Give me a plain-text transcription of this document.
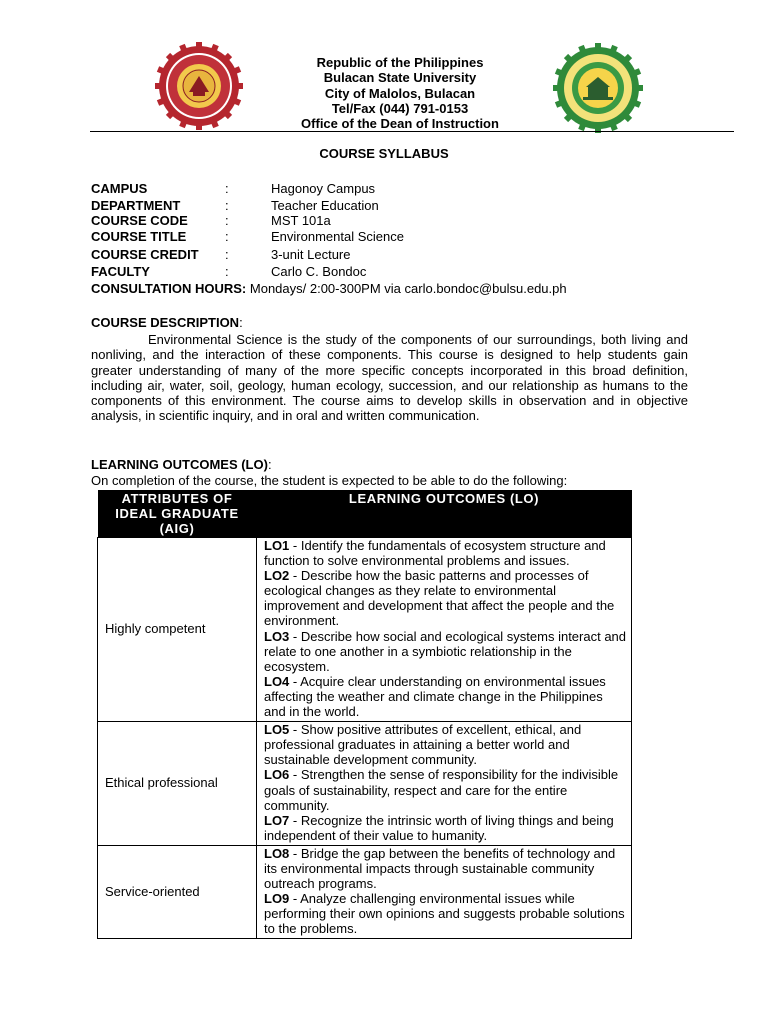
Republic of the Philippines
Bulacan State University
City of Malolos, Bulacan
Tel/Fax (044) 791-0153
Office of the Dean of Instruction
COURSE SYLLABUS
CAMPUS	:	Hagonoy Campus
DEPARTMENT	:	Teacher Education
COURSE CODE	:	MST 101a
COURSE TITLE	:	Environmental Science
COURSE CREDIT :	3-unit Lecture
FACULTY	:	Carlo C. Bondoc
CONSULTATION HOURS: Mondays/ 2:00-300PM via carlo.bondoc@bulsu.edu.ph
COURSE DESCRIPTION:
Environmental Science is the study of the components of our surroundings, both living and nonliving, and the interaction of these components. This course is designed to help students gain greater understanding of many of the more specific concepts incorporated in this broad definition, including air, water, soil, geology, human ecology, succession, and our relationship as humans to the components of this environment. The course aims to develop skills in observation and in objective analysis, in scientific inquiry, and in oral and written communication.
LEARNING OUTCOMES (LO):
On completion of the course, the student is expected to be able to do the following:
ATTRIBUTES OF IDEAL GRADUATE (AIG)	LEARNING OUTCOMES (LO)
Highly competent	LO1 - Identify the fundamentals of ecosystem structure and function to solve environmental problems and issues.
LO2 - Describe how the basic patterns and processes of ecological changes as they relate to environmental improvement and development that affect the people and the environment.
LO3 - Describe how social and ecological systems interact and relate to one another in a symbiotic relationship in the ecosystem.
LO4 - Acquire clear understanding on environmental issues affecting the weather and climate change in the Philippines and in the world.
Ethical professional	LO5 - Show positive attributes of excellent, ethical, and professional graduates in attaining a better world and sustainable development community.
LO6 - Strengthen the sense of responsibility for the indivisible goals of sustainability, respect and care for the entire community.
LO7 - Recognize the intrinsic worth of living things and being independent of their value to humanity.
Service-oriented	LO8 - Bridge the gap between the benefits of technology and its environmental impacts through sustainable community outreach programs.
LO9 - Analyze challenging environmental issues while performing their own opinions and suggests probable solutions to the problems.
